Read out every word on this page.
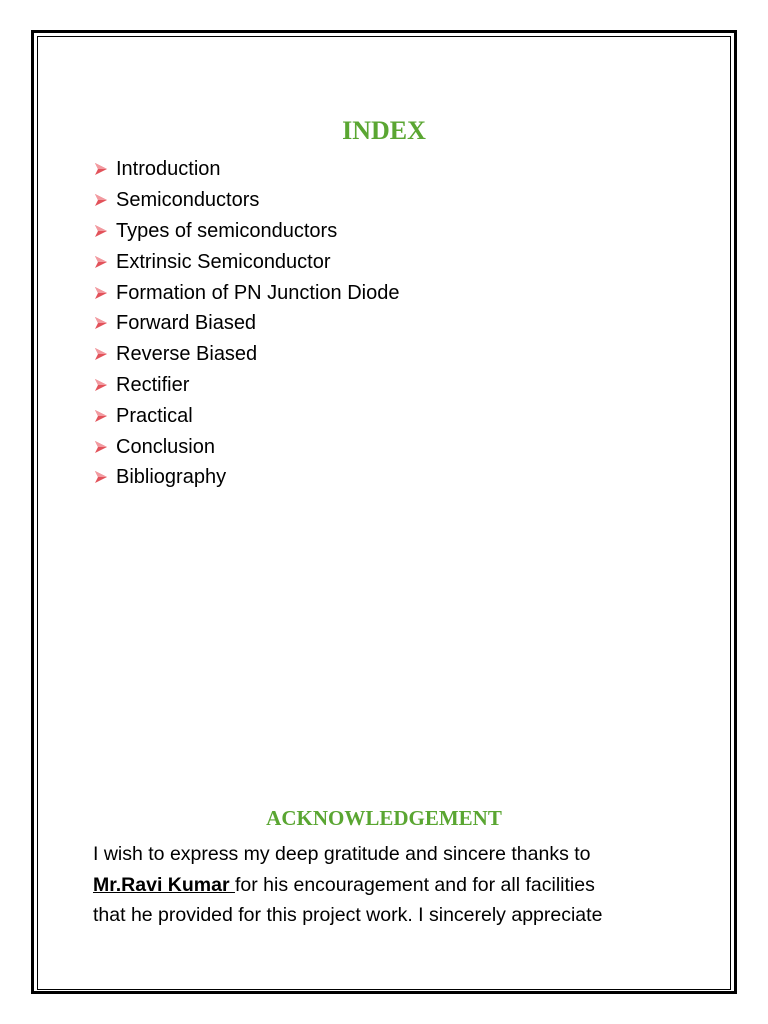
INDEX
Introduction
Semiconductors
Types of semiconductors
Extrinsic Semiconductor
Formation of PN Junction Diode
Forward Biased
Reverse Biased
Rectifier
Practical
Conclusion
Bibliography
ACKNOWLEDGEMENT
I wish to express my deep gratitude and sincere thanks to
Mr.Ravi Kumar for his encouragement and for all facilities
that he provided for this project work. I sincerely appreciate
